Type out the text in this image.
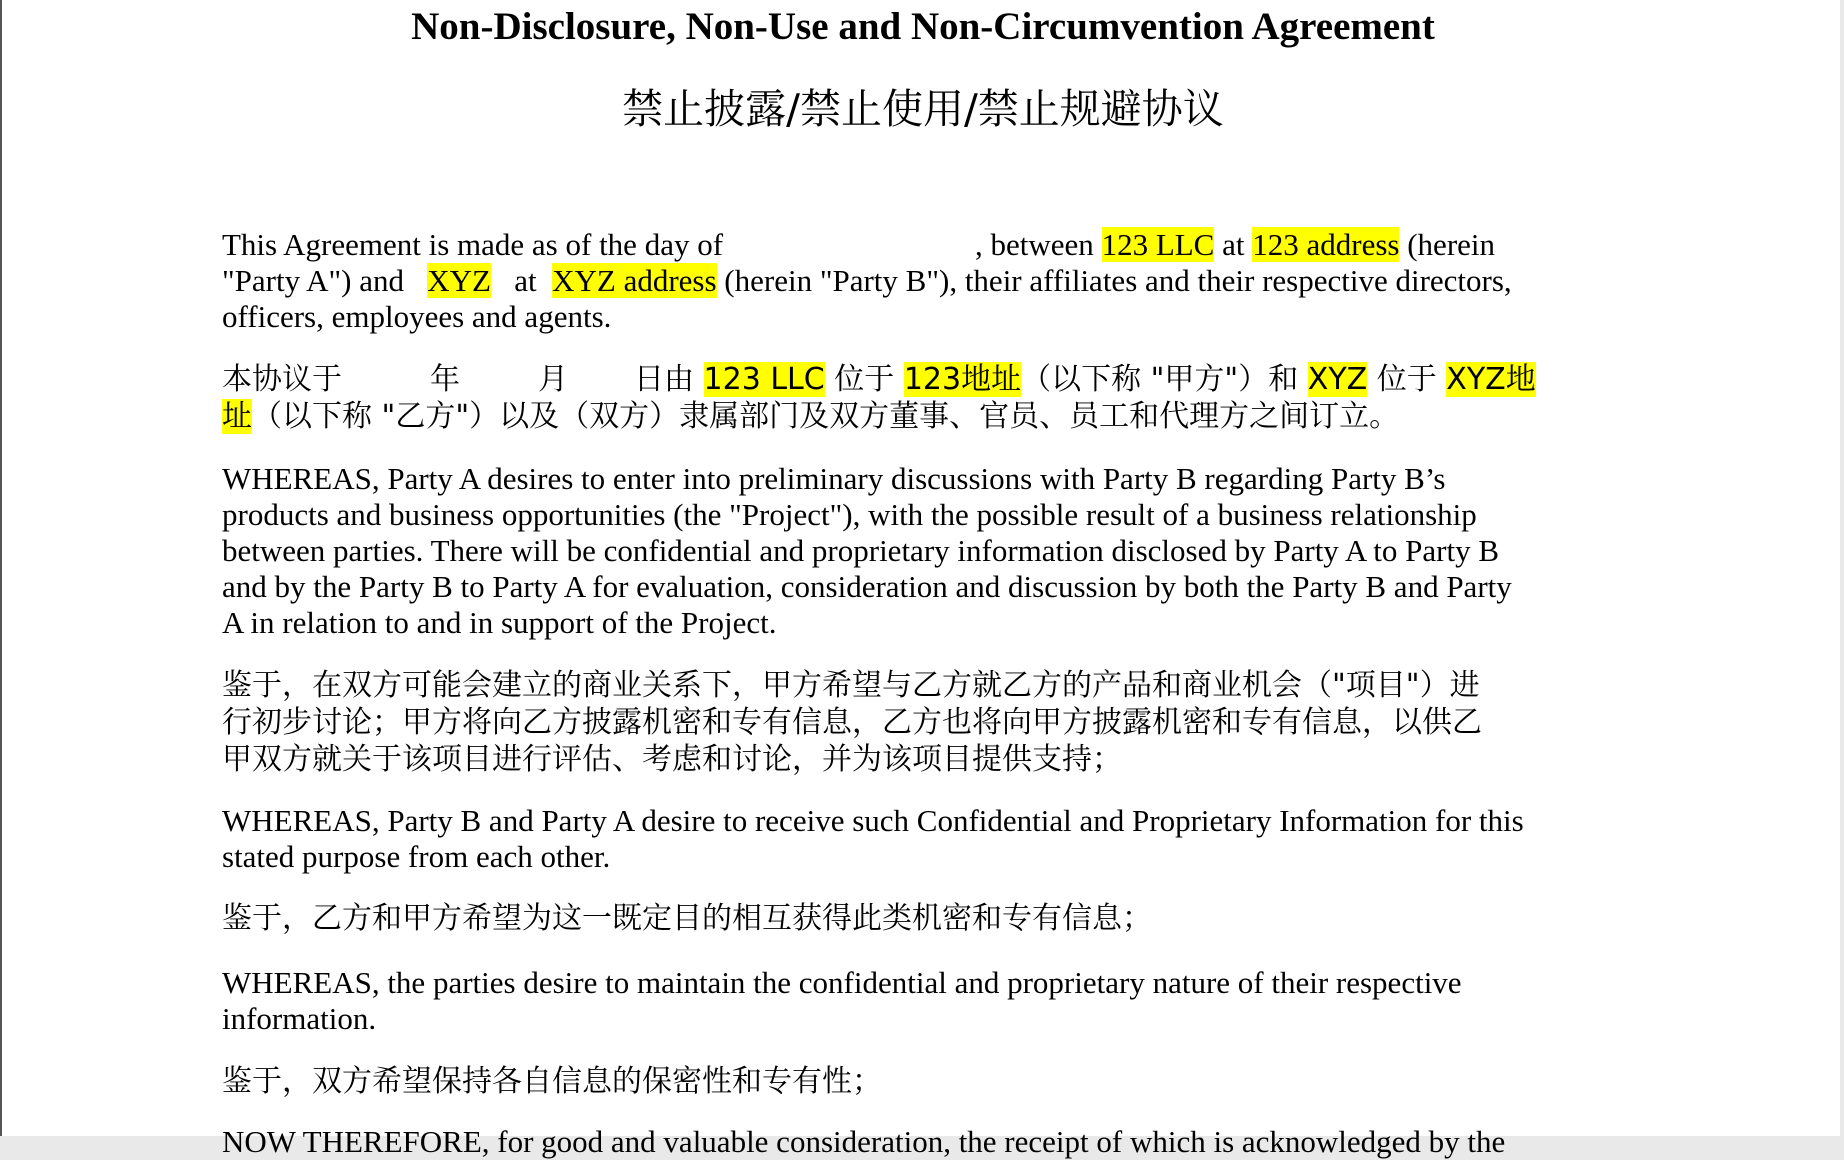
Non-Disclosure, Non-Use and Non-Circumvention Agreement
禁止披露/禁止使用/禁止规避协议
This Agreement is made as of the day of	, between 123 LLC at 123 address (herein
"Party A") and XYZ at XYZ address (herein "Party B"), their affiliates and their respective directors,
officers, employees and agents.
本协议于	年	月 日由 123 LLC 位于 123地址（以下称 "甲方"）和 XYZ 位于 XYZ地
址（以下称 "乙方"）以及（双方）隶属部门及双方董事、官员、员工和代理方之间订立。
WHEREAS, Party A desires to enter into preliminary discussions with Party B regarding Party B’s
products and business opportunities (the "Project"), with the possible result of a business relationship
between parties. There will be confidential and proprietary information disclosed by Party A to Party B
and by the Party B to Party A for evaluation, consideration and discussion by both the Party B and Party
A in relation to and in support of the Project.
鉴于，在双方可能会建立的商业关系下，甲方希望与乙方就乙方的产品和商业机会（"项目"）进
行初步讨论；甲方将向乙方披露机密和专有信息，乙方也将向甲方披露机密和专有信息，以供乙
甲双方就关于该项目进行评估、考虑和讨论，并为该项目提供支持；
WHEREAS, Party B and Party A desire to receive such Confidential and Proprietary Information for this
stated purpose from each other.
鉴于，乙方和甲方希望为这一既定目的相互获得此类机密和专有信息；
WHEREAS, the parties desire to maintain the confidential and proprietary nature of their respective
information.
鉴于，双方希望保持各自信息的保密性和专有性；
NOW THEREFORE, for good and valuable consideration, the receipt of which is acknowledged by the
